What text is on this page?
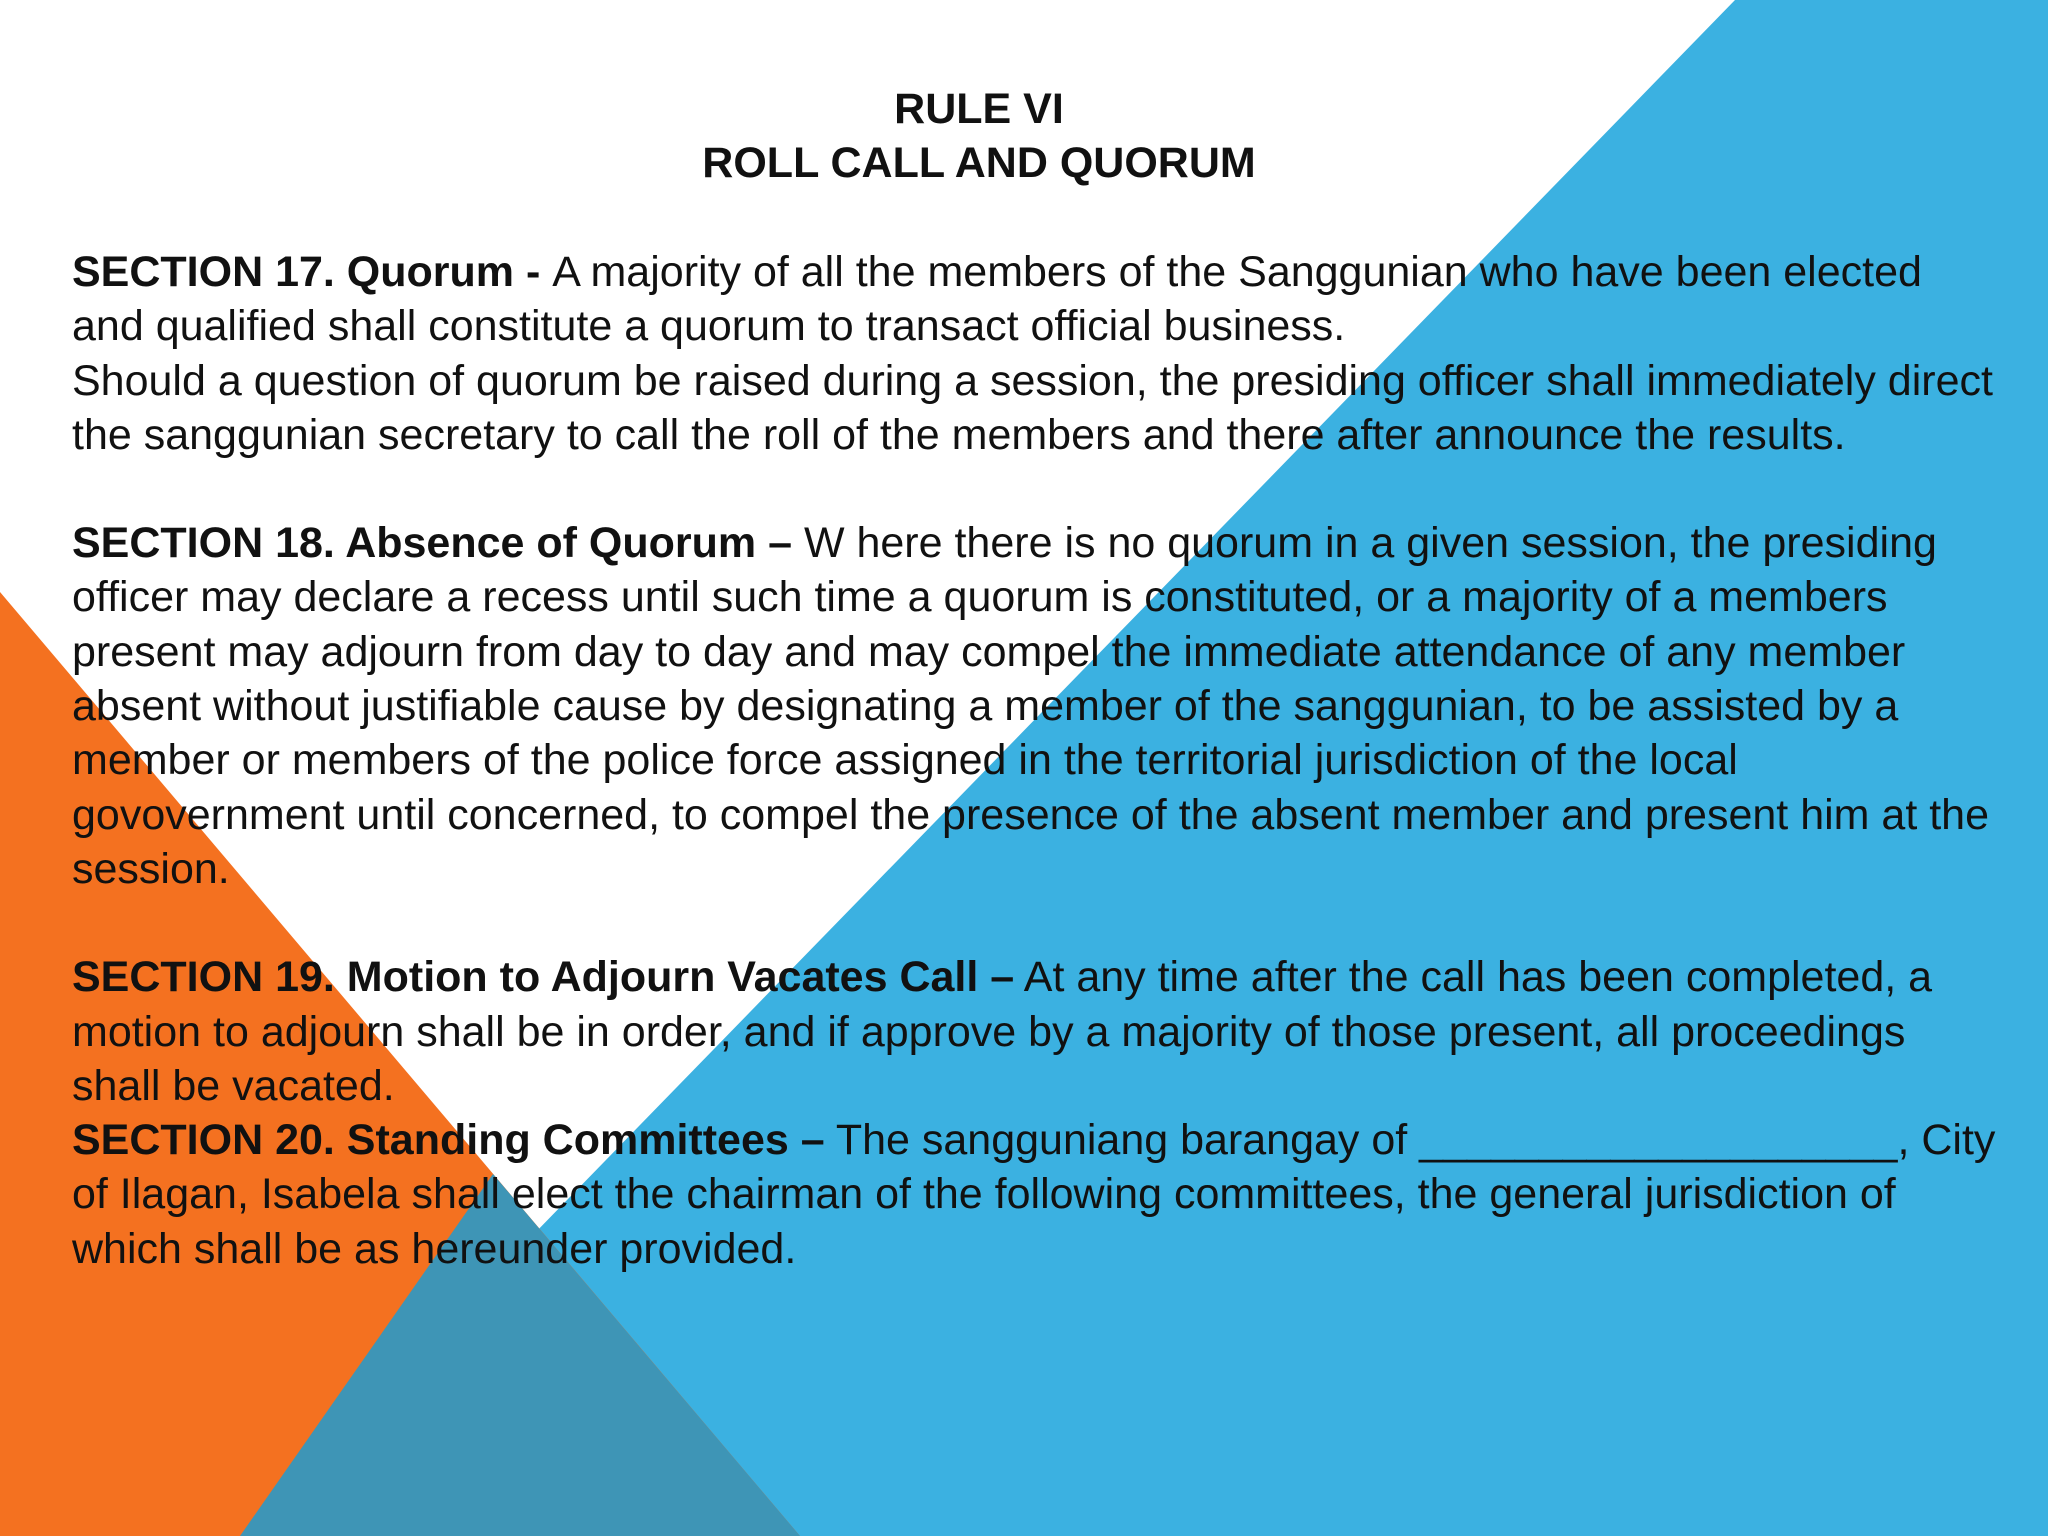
RULE VI
ROLL CALL AND QUORUM

SECTION 17. Quorum - A majority of all the members of the Sanggunian who have been elected and qualified shall constitute a quorum to transact official business.

Should a question of quorum be raised during a session, the presiding officer shall immediately direct the sanggunian secretary to call the roll of the members and there after announce the results.

SECTION 18. Absence of Quorum – W here there is no quorum in a given session, the presiding officer may declare a recess until such time a quorum is constituted, or a majority of a members present may adjourn from day to day and may compel the immediate attendance of any member absent without justifiable cause by designating a member of the sanggunian, to be assisted by a member or members of the police force assigned in the territorial jurisdiction of the local govovernment until concerned, to compel the presence of the absent member and present him at the session.

SECTION 19. Motion to Adjourn Vacates Call – At any time after the call has been completed, a motion to adjourn shall be in order, and if approve by a majority of those present, all proceedings shall be vacated.

SECTION 20. Standing Committees – The sangguniang barangay of ____________________, City of Ilagan, Isabela shall elect the chairman of the following committees, the general jurisdiction of which shall be as hereunder provided.
